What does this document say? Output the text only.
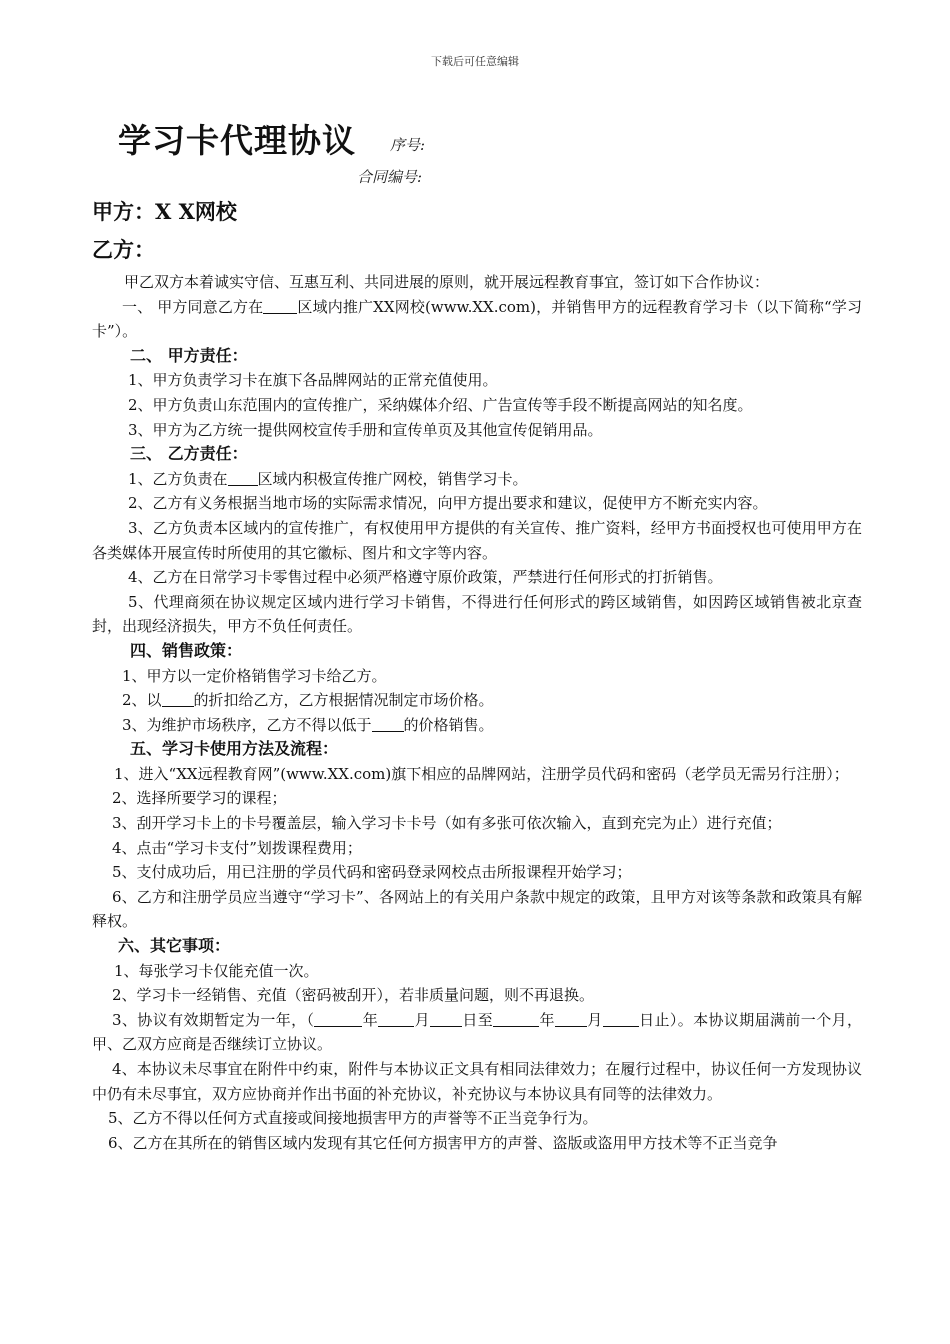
下载后可任意编辑
学习卡代理协议 序号:
合同编号:
甲方：X X网校
乙方：

甲乙双方本着诚实守信、互惠互利、共同进展的原则，就开展远程教育事宜，签订如下合作协议：

一、 甲方同意乙方在 区域内推广XX网校(www.XX.com)，并销售甲方的远程教育学习卡（以下简称“学习卡”）。

二、 甲方责任：

1、甲方负责学习卡在旗下各品牌网站的正常充值使用。

2、甲方负责山东范围内的宣传推广，采纳媒体介绍、广告宣传等手段不断提高网站的知名度。

3、甲方为乙方统一提供网校宣传手册和宣传单页及其他宣传促销用品。

三、 乙方责任：

1、乙方负责在 区域内积极宣传推广网校，销售学习卡。

2、乙方有义务根据当地市场的实际需求情况，向甲方提出要求和建议，促使甲方不断充实内容。

3、乙方负责本区域内的宣传推广，有权使用甲方提供的有关宣传、推广资料，经甲方书面授权也可使用甲方在各类媒体开展宣传时所使用的其它徽标、图片和文字等内容。

4、乙方在日常学习卡零售过程中必须严格遵守原价政策，严禁进行任何形式的打折销售。

5、代理商须在协议规定区域内进行学习卡销售，不得进行任何形式的跨区域销售，如因跨区域销售被北京查封，出现经济损失，甲方不负任何责任。

四、销售政策：

1、甲方以一定价格销售学习卡给乙方。

2、以 的折扣给乙方，乙方根据情况制定市场价格。

3、为维护市场秩序，乙方不得以低于 的价格销售。

五、学习卡使用方法及流程：

1、进入“XX远程教育网”(www.XX.com)旗下相应的品牌网站，注册学员代码和密码（老学员无需另行注册）；

2、选择所要学习的课程；

3、刮开学习卡上的卡号覆盖层，输入学习卡卡号（如有多张可依次输入，直到充完为止）进行充值；

4、点击“学习卡支付”划拨课程费用；

5、支付成功后，用已注册的学员代码和密码登录网校点击所报课程开始学习；

6、乙方和注册学员应当遵守“学习卡”、各网站上的有关用户条款中规定的政策，且甲方对该等条款和政策具有解释权。

六、其它事项：

1、每张学习卡仅能充值一次。

2、学习卡一经销售、充值（密码被刮开），若非质量问题，则不再退换。

3、协议有效期暂定为一年，（	年 月 日至	年 月 日止）。本协议期届满前一个月，甲、乙双方应商是否继续订立协议。

4、本协议未尽事宜在附件中约束，附件与本协议正文具有相同法律效力；在履行过程中，协议任何一方发现协议中仍有未尽事宜，双方应协商并作出书面的补充协议，补充协议与本协议具有同等的法律效力。

5、乙方不得以任何方式直接或间接地损害甲方的声誉等不正当竞争行为。

6、乙方在其所在的销售区域内发现有其它任何方损害甲方的声誉、盗版或盗用甲方技术等不正当竞争
